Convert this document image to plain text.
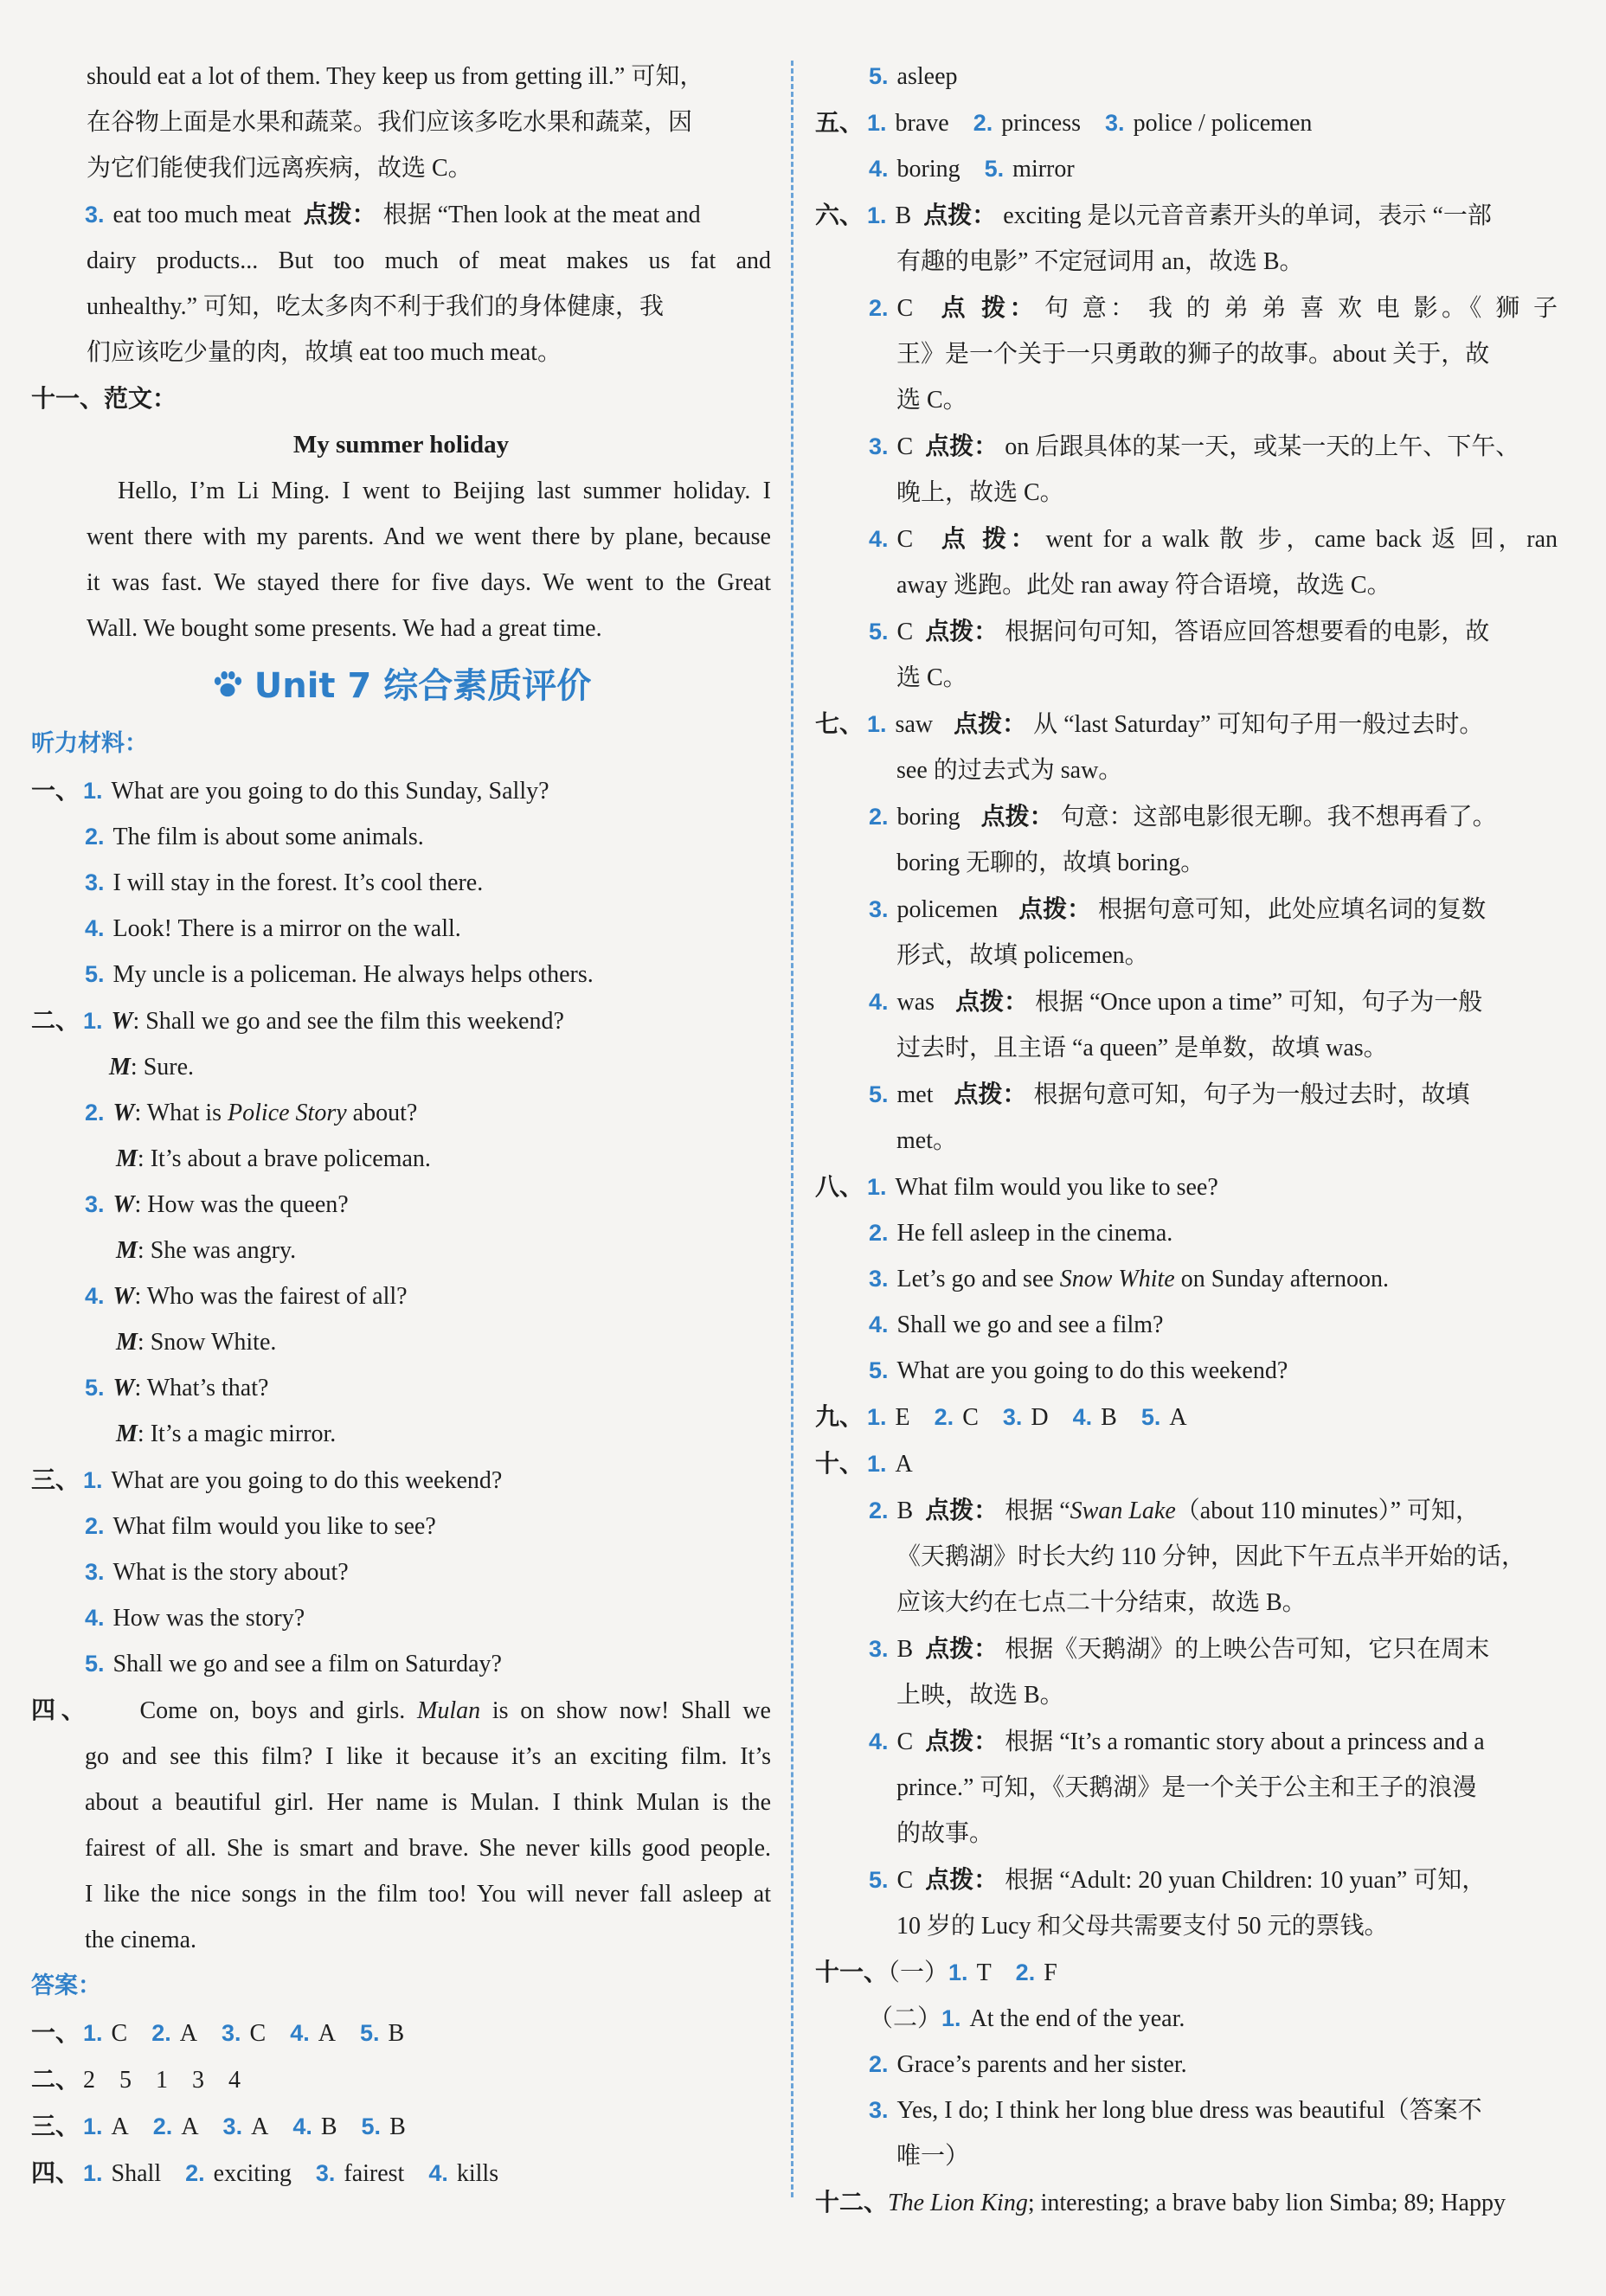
should eat a lot of them. They keep us from getting ill.” 可知，
在谷物上面是水果和蔬菜。我们应该多吃水果和蔬菜，因
为它们能使我们远离疾病，故选 C。
3. eat too much meat 点拨： 根据 “Then look at the meat and
dairy products... But too much of meat makes us fat and
unhealthy.” 可知，吃太多肉不利于我们的身体健康，我
们应该吃少量的肉，故填 eat too much meat。
十一、范文：
My summer holiday
Hello, I’m Li Ming. I went to Beijing last summer holiday. I
went there with my parents. And we went there by plane, because
it was fast. We stayed there for five days. We went to the Great
Wall. We bought some presents. We had a great time.
Unit 7 综合素质评价
听力材料：
一、 1. What are you going to do this Sunday, Sally?
2. The film is about some animals.
3. I will stay in the forest. It’s cool there.
4. Look! There is a mirror on the wall.
5. My uncle is a policeman. He always helps others.
二、 1. W: Shall we go and see the film this weekend?
M: Sure.
2. W: What is Police Story about?
M: It’s about a brave policeman.
3. W: How was the queen?
M: She was angry.
4. W: Who was the fairest of all?
M: Snow White.
5. W: What’s that?
M: It’s a magic mirror.
三、 1. What are you going to do this weekend?
2. What film would you like to see?
3. What is the story about?
4. How was the story?
5. Shall we go and see a film on Saturday?
四、 Come on, boys and girls. Mulan is on show now! Shall we
go and see this film? I like it because it’s an exciting film. It’s
about a beautiful girl. Her name is Mulan. I think Mulan is the
fairest of all. She is smart and brave. She never kills good people.
I like the nice songs in the film too! You will never fall asleep at
the cinema.
答案：
一、 1. C 2. A 3. C 4. A 5. B
二、 2　5　1　3　4
三、 1. A 2. A 3. A 4. B 5. B
四、 1. Shall 2. exciting 3. fairest 4. kills
5. asleep
五、 1. brave 2. princess 3. police / policemen
4. boring 5. mirror
六、 1. B 点拨： exciting 是以元音音素开头的单词，表示 “一部
有趣的电影” 不定冠词用 an，故选 B。
2. C 点 拨： 句 意： 我 的 弟 弟 喜 欢 电 影。《 狮 子
王》是一个关于一只勇敢的狮子的故事。about 关于，故
选 C。
3. C 点拨： on 后跟具体的某一天，或某一天的上午、下午、
晚上，故选 C。
4. C 点 拨： went for a walk 散 步，came back 返 回，ran
away 逃跑。此处 ran away 符合语境，故选 C。
5. C 点拨： 根据问句可知，答语应回答想要看的电影，故
选 C。
七、 1. saw 点拨： 从 “last Saturday” 可知句子用一般过去时。
see 的过去式为 saw。
2. boring 点拨： 句意：这部电影很无聊。我不想再看了。
boring 无聊的，故填 boring。
3. policemen 点拨： 根据句意可知，此处应填名词的复数
形式，故填 policemen。
4. was 点拨： 根据 “Once upon a time” 可知，句子为一般
过去时，且主语 “a queen” 是单数，故填 was。
5. met 点拨： 根据句意可知，句子为一般过去时，故填
met。
八、 1. What film would you like to see?
2. He fell asleep in the cinema.
3. Let’s go and see Snow White on Sunday afternoon.
4. Shall we go and see a film?
5. What are you going to do this weekend?
九、 1. E 2. C 3. D 4. B 5. A
十、 1. A
2. B 点拨： 根据 “Swan Lake（about 110 minutes）” 可知，
《天鹅湖》时长大约 110 分钟，因此下午五点半开始的话，
应该大约在七点二十分结束，故选 B。
3. B 点拨： 根据《天鹅湖》的上映公告可知，它只在周末
上映，故选 B。
4. C 点拨： 根据 “It’s a romantic story about a princess and a
prince.” 可知，《天鹅湖》是一个关于公主和王子的浪漫
的故事。
5. C 点拨： 根据 “Adult: 20 yuan Children: 10 yuan” 可知，
10 岁的 Lucy 和父母共需要支付 50 元的票钱。
十一、（一）1. T 2. F
（二）1. At the end of the year.
2. Grace’s parents and her sister.
3. Yes, I do; I think her long blue dress was beautiful（答案不
唯一）
十二、The Lion King; interesting; a brave baby lion Simba; 89; Happy
